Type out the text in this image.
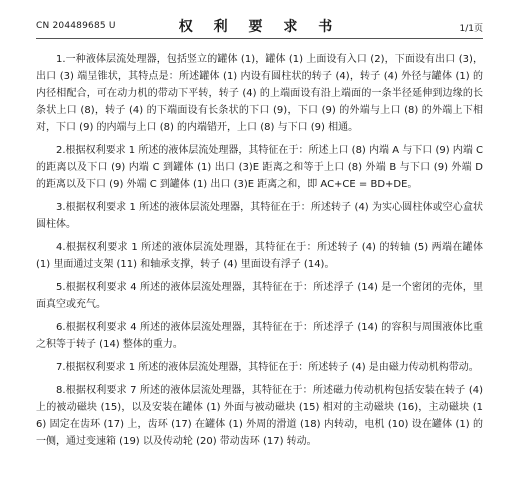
CN 204489685 U	权 利 要 求 书	1/1页

1.一种液体层流处理器，包括竖立的罐体 (1)，罐体 (1) 上面设有入口 (2)，下面设有出口 (3)，出口 (3) 端呈锥状，其特点是：所述罐体 (1) 内设有圆柱状的转子 (4)，转子 (4) 外径与罐体 (1) 的内径相配合，可在动力机的带动下平转，转子 (4) 的上端面设有沿上端面的一条半径延伸到边缘的长条状上口 (8)，转子 (4) 的下端面设有长条状的下口 (9)，下口 (9) 的外端与上口 (8) 的外端上下相对，下口 (9) 的内端与上口 (8) 的内端错开，上口 (8) 与下口 (9) 相通。

2.根据权利要求 1 所述的液体层流处理器，其特征在于：所述上口 (8) 内端 A 与下口 (9) 内端 C 的距离以及下口 (9) 内端 C 到罐体 (1) 出口 (3)E 距离之和等于上口 (8) 外端 B 与下口 (9) 外端 D 的距离以及下口 (9) 外端 C 到罐体 (1) 出口 (3)E 距离之和，即 AC+CE = BD+DE。

3.根据权利要求 1 所述的液体层流处理器，其特征在于：所述转子 (4) 为实心圆柱体或空心盒状圆柱体。

4.根据权利要求 1 所述的液体层流处理器，其特征在于：所述转子 (4) 的转轴 (5) 两端在罐体 (1) 里面通过支架 (11) 和轴承支撑，转子 (4) 里面设有浮子 (14)。

5.根据权利要求 4 所述的液体层流处理器，其特征在于：所述浮子 (14) 是一个密闭的壳体，里面真空或充气。

6.根据权利要求 4 所述的液体层流处理器，其特征在于：所述浮子 (14) 的容积与周围液体比重之积等于转子 (14) 整体的重力。

7.根据权利要求 1 所述的液体层流处理器，其特征在于：所述转子 (4) 是由磁力传动机构带动。

8.根据权利要求 7 所述的液体层流处理器，其特征在于：所述磁力传动机构包括安装在转子 (4) 上的被动磁块 (15)，以及安装在罐体 (1) 外面与被动磁块 (15) 相对的主动磁块 (16)，主动磁块 (16) 固定在齿环 (17) 上，齿环 (17) 在罐体 (1) 外周的滑道 (18) 内转动，电机 (10) 设在罐体 (1) 的一侧，通过变速箱 (19) 以及传动轮 (20) 带动齿环 (17) 转动。
